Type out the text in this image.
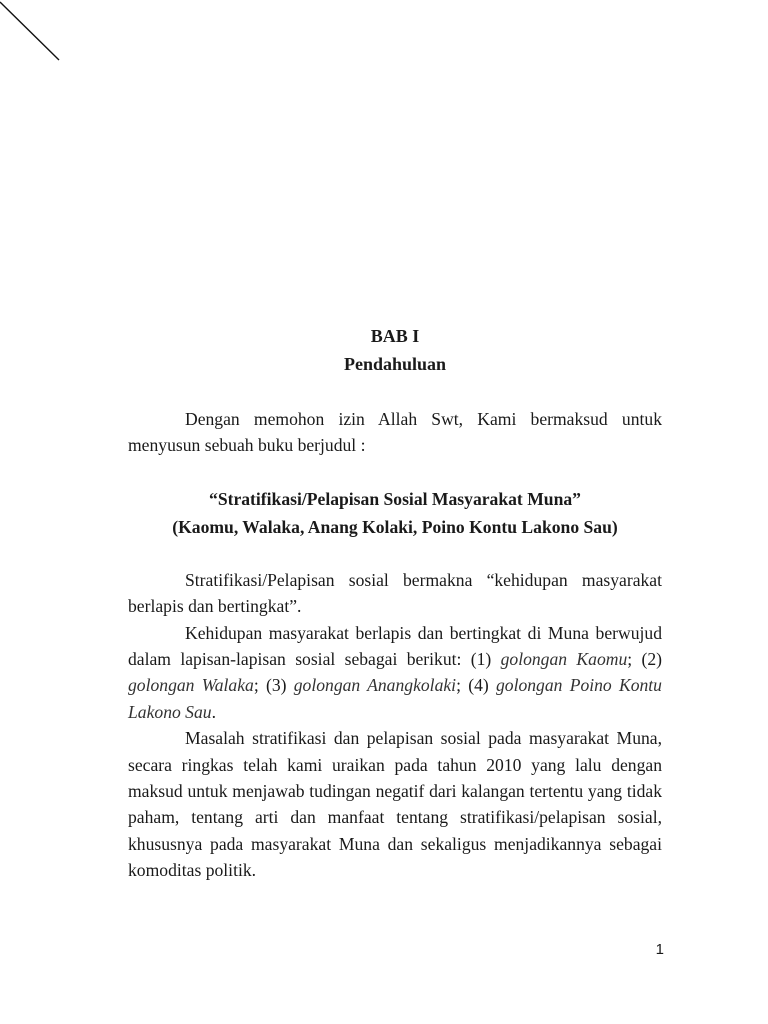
BAB I

Pendahuluan

Dengan memohon izin Allah Swt, Kami bermaksud untuk menyusun sebuah buku berjudul :

“Stratifikasi/Pelapisan Sosial Masyarakat Muna”

(Kaomu, Walaka, Anang Kolaki, Poino Kontu Lakono Sau)

Stratifikasi/Pelapisan sosial bermakna “kehidupan masyarakat berlapis dan bertingkat”.

Kehidupan masyarakat berlapis dan bertingkat di Muna berwujud dalam lapisan-lapisan sosial sebagai berikut: (1) golongan Kaomu; (2) golongan Walaka; (3) golongan Anangkolaki; (4) golongan Poino Kontu Lakono Sau.

Masalah stratifikasi dan pelapisan sosial pada masyarakat Muna, secara ringkas telah kami uraikan pada tahun 2010 yang lalu dengan maksud untuk menjawab tudingan negatif dari kalangan tertentu yang tidak paham, tentang arti dan manfaat tentang stratifikasi/pelapisan sosial, khususnya pada masyarakat Muna dan sekaligus menjadikannya sebagai komoditas politik.

1
